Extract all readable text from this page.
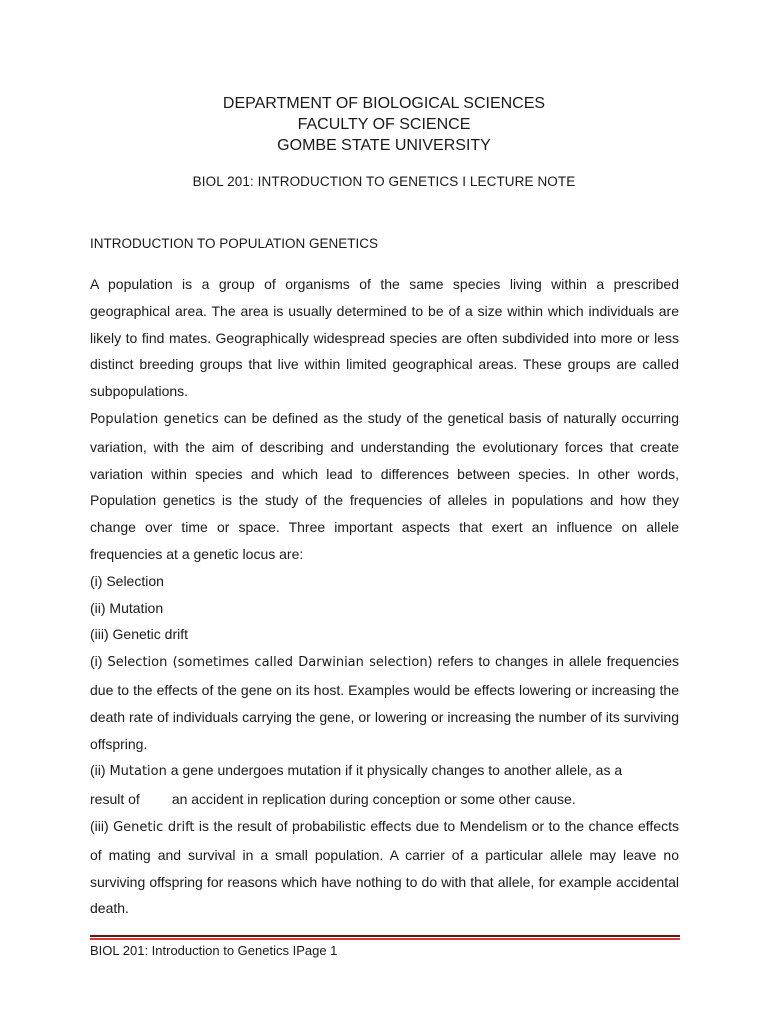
DEPARTMENT OF BIOLOGICAL SCIENCES

FACULTY OF SCIENCE

GOMBE STATE UNIVERSITY

BIOL 201: INTRODUCTION TO GENETICS I LECTURE NOTE
INTRODUCTION TO POPULATION GENETICS

A population is a group of organisms of the same species living within a prescribed geographical area. The area is usually determined to be of a size within which individuals are likely to find mates. Geographically widespread species are often subdivided into more or less distinct breeding groups that live within limited geographical areas. These groups are called subpopulations.

Population genetics can be defined as the study of the genetical basis of naturally occurring variation, with the aim of describing and understanding the evolutionary forces that create variation within species and which lead to differences between species. In other words, Population genetics is the study of the frequencies of alleles in populations and how they change over time or space. Three important aspects that exert an influence on allele frequencies at a genetic locus are:

(i) Selection

(ii) Mutation

(iii) Genetic drift

(i) Selection (sometimes called Darwinian selection) refers to changes in allele frequencies due to the effects of the gene on its host. Examples would be effects lowering or increasing the death rate of individuals carrying the gene, or lowering or increasing the number of its surviving offspring.

(ii) Mutation a gene undergoes mutation if it physically changes to another allele, as a
result of an accident in replication during conception or some other cause.

(iii) Genetic drift is the result of probabilistic effects due to Mendelism or to the chance effects of mating and survival in a small population. A carrier of a particular allele may leave no surviving offspring for reasons which have nothing to do with that allele, for example accidental death.

BIOL 201: Introduction to Genetics IPage 1
